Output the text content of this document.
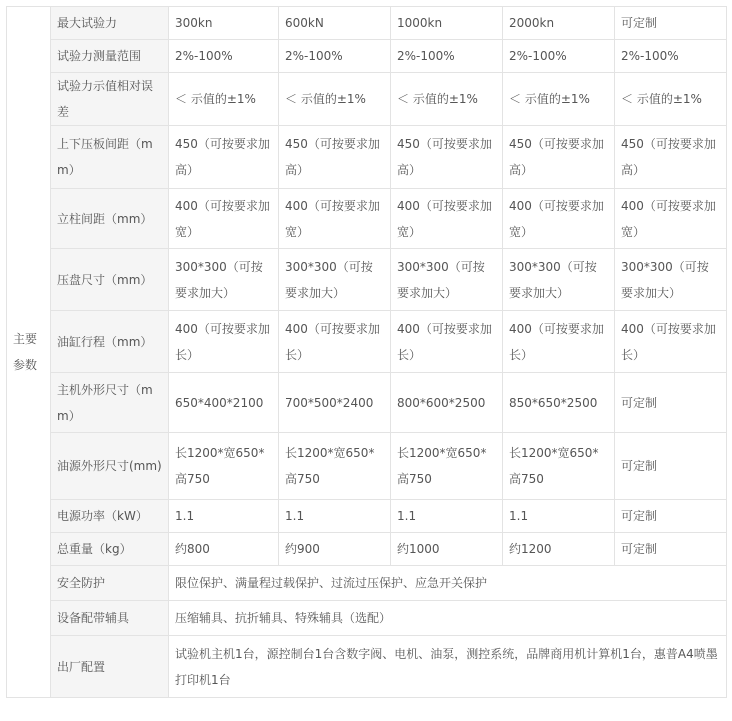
主要
参数	最大试验力	300kn	600kN	1000kn	2000kn	可定制
	试验力测量范围	2%-100%	2%-100%	2%-100%	2%-100%	2%-100%
	试验力示值相对误差	＜ 示值的±1%	＜ 示值的±1%	＜ 示值的±1%	＜ 示值的±1%	＜ 示值的±1%
	上下压板间距（mm）	450（可按要求加高）	450（可按要求加高）	450（可按要求加高）	450（可按要求加高）	450（可按要求加高）
	立柱间距（mm）	400（可按要求加宽）	400（可按要求加宽）	400（可按要求加宽）	400（可按要求加宽）	400（可按要求加宽）
	压盘尺寸（mm）	300*300（可按要求加大）	300*300（可按要求加大）	300*300（可按要求加大）	300*300（可按要求加大）	300*300（可按要求加大）
	油缸行程（mm）	400（可按要求加长）	400（可按要求加长）	400（可按要求加长）	400（可按要求加长）	400（可按要求加长）
	主机外形尺寸（mm）	650*400*2100	700*500*2400	800*600*2500	850*650*2500	可定制
	油源外形尺寸(mm)	长1200*宽650*高750	长1200*宽650*高750	长1200*宽650*高750	长1200*宽650*高750	可定制
	电源功率（kW）	1.1	1.1	1.1	1.1	可定制
	总重量（kg）	约800	约900	约1000	约1200	可定制
	安全防护	限位保护、满量程过载保护、过流过压保护、应急开关保护				
	设备配带辅具	压缩辅具、抗折辅具、特殊辅具（选配）				
	出厂配置	试验机主机1台，源控制台1台含数字阀、电机、油泵，测控系统，品牌商用机计算机1台，惠普A4喷墨打印机1台				
